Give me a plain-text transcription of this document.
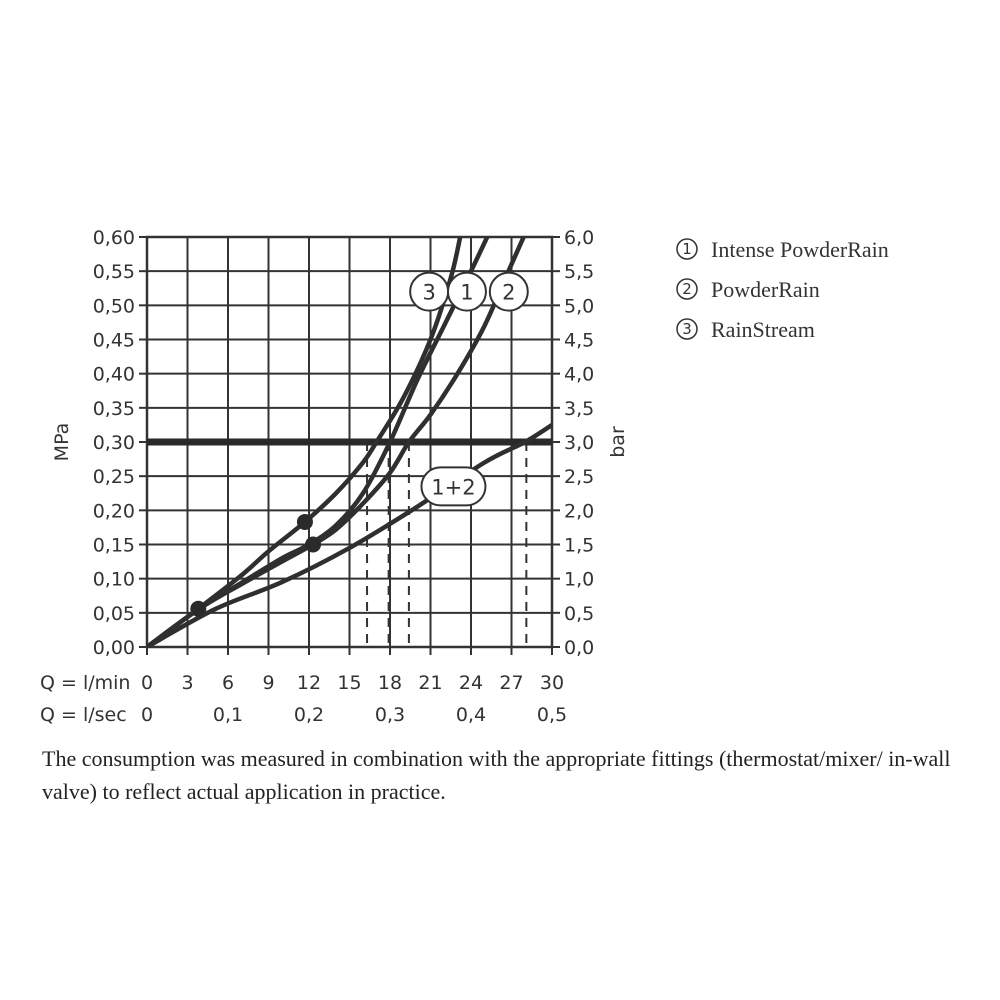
0,00
0,05
0,10
0,15
0,20
0,25
0,30
0,35
0,40
0,45
0,50
0,55
0,60
0,0
0,5
1,0
1,5
2,0
2,5
3,0
3,5
4,0
4,5
5,0
5,5
6,0
MPa	bar
0 3 6 9 12 15 18 21 24 27 30
Q = l/min
0	0,1	0,2	0,3	0,4	0,5
Q = l/sec
3 1 2
1+2
1 Intense PowderRain
2 PowderRain
3 RainStream
The consumption was measured in combination with the appropriate fittings (thermostat/mixer/ in-wall valve) to reflect actual application in practice.
